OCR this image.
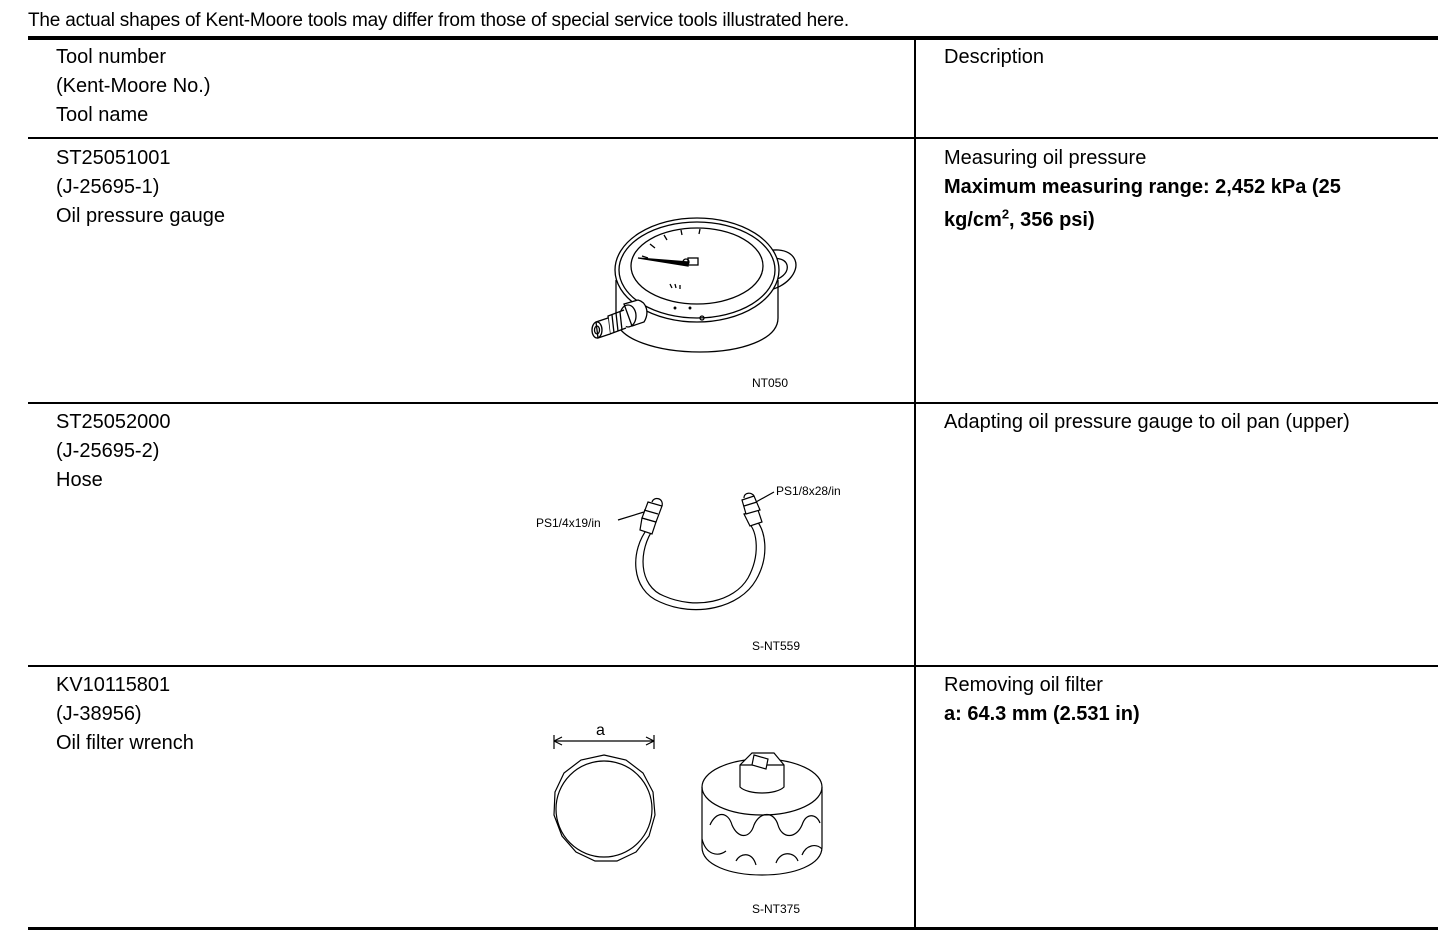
The actual shapes of Kent-Moore tools may differ from those of special service tools illustrated here.
Tool number
(Kent-Moore No.)
Tool name
Description
ST25051001
(J-25695-1)
Oil pressure gauge
Measuring oil pressure
Maximum measuring range: 2,452 kPa (25
$kg/cm^2$, 356 psi)
NT050
ST25052000
(J-25695-2)
Hose
Adapting oil pressure gauge to oil pan (upper)
PS1/4x19/in
PS1/8x28/in
S-NT559
KV10115801
(J-38956)
Oil filter wrench
Removing oil filter
a: 64.3 mm (2.531 in)
a
S-NT375
